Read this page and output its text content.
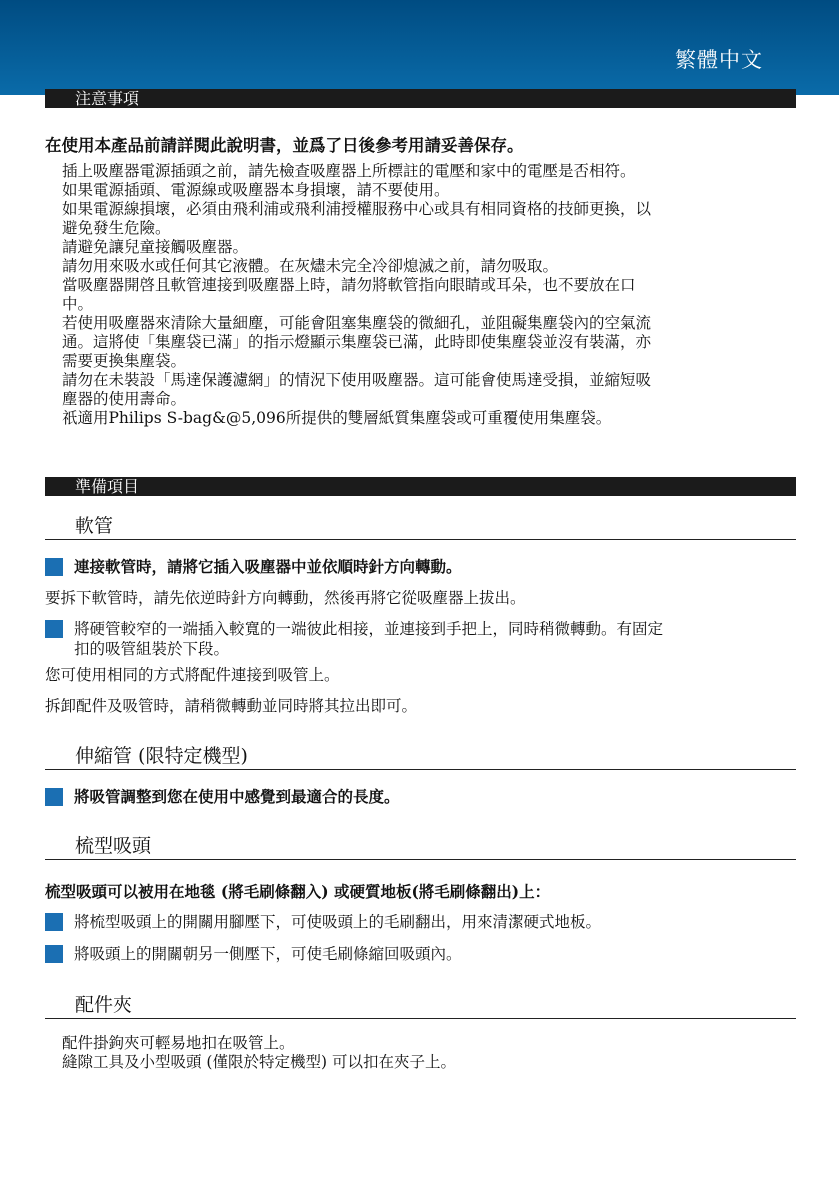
繁體中文
注意事項
在使用本產品前請詳閱此說明書，並爲了日後參考用請妥善保存。
插上吸塵器電源插頭之前，請先檢查吸塵器上所標註的電壓和家中的電壓是否相符。
如果電源插頭、電源線或吸塵器本身損壞，請不要使用。
如果電源線損壞，必須由飛利浦或飛利浦授權服務中心或具有相同資格的技師更換，以
避免發生危險。
請避免讓兒童接觸吸塵器。
請勿用來吸水或任何其它液體。在灰燼未完全冷卻熄滅之前，請勿吸取。
當吸塵器開啓且軟管連接到吸塵器上時，請勿將軟管指向眼睛或耳朵，也不要放在口
中。
若使用吸塵器來清除大量細塵，可能會阻塞集塵袋的微細孔，並阻礙集塵袋內的空氣流
通。這將使「集塵袋已滿」的指示燈顯示集塵袋已滿，此時即使集塵袋並沒有裝滿，亦
需要更換集塵袋。
請勿在未裝設「馬達保護濾網」的情況下使用吸塵器。這可能會使馬達受損，並縮短吸
塵器的使用壽命。
祇適用Philips S-bag&@5,096所提供的雙層紙質集塵袋或可重覆使用集塵袋。
準備項目
軟管
連接軟管時，請將它插入吸塵器中並依順時針方向轉動。
要拆下軟管時，請先依逆時針方向轉動，然後再將它從吸塵器上拔出。
將硬管較窄的一端插入較寬的一端彼此相接，並連接到手把上，同時稍微轉動。有固定
扣的吸管組裝於下段。
您可使用相同的方式將配件連接到吸管上。
拆卸配件及吸管時，請稍微轉動並同時將其拉出即可。
伸縮管 (限特定機型)
將吸管調整到您在使用中感覺到最適合的長度。
梳型吸頭
梳型吸頭可以被用在地毯 (將毛刷條翻入) 或硬質地板(將毛刷條翻出)上：
將梳型吸頭上的開關用腳壓下，可使吸頭上的毛刷翻出，用來清潔硬式地板。
將吸頭上的開關朝另一側壓下，可使毛刷條縮回吸頭內。
配件夾
配件掛鉤夾可輕易地扣在吸管上。
縫隙工具及小型吸頭 (僅限於特定機型) 可以扣在夾子上。
